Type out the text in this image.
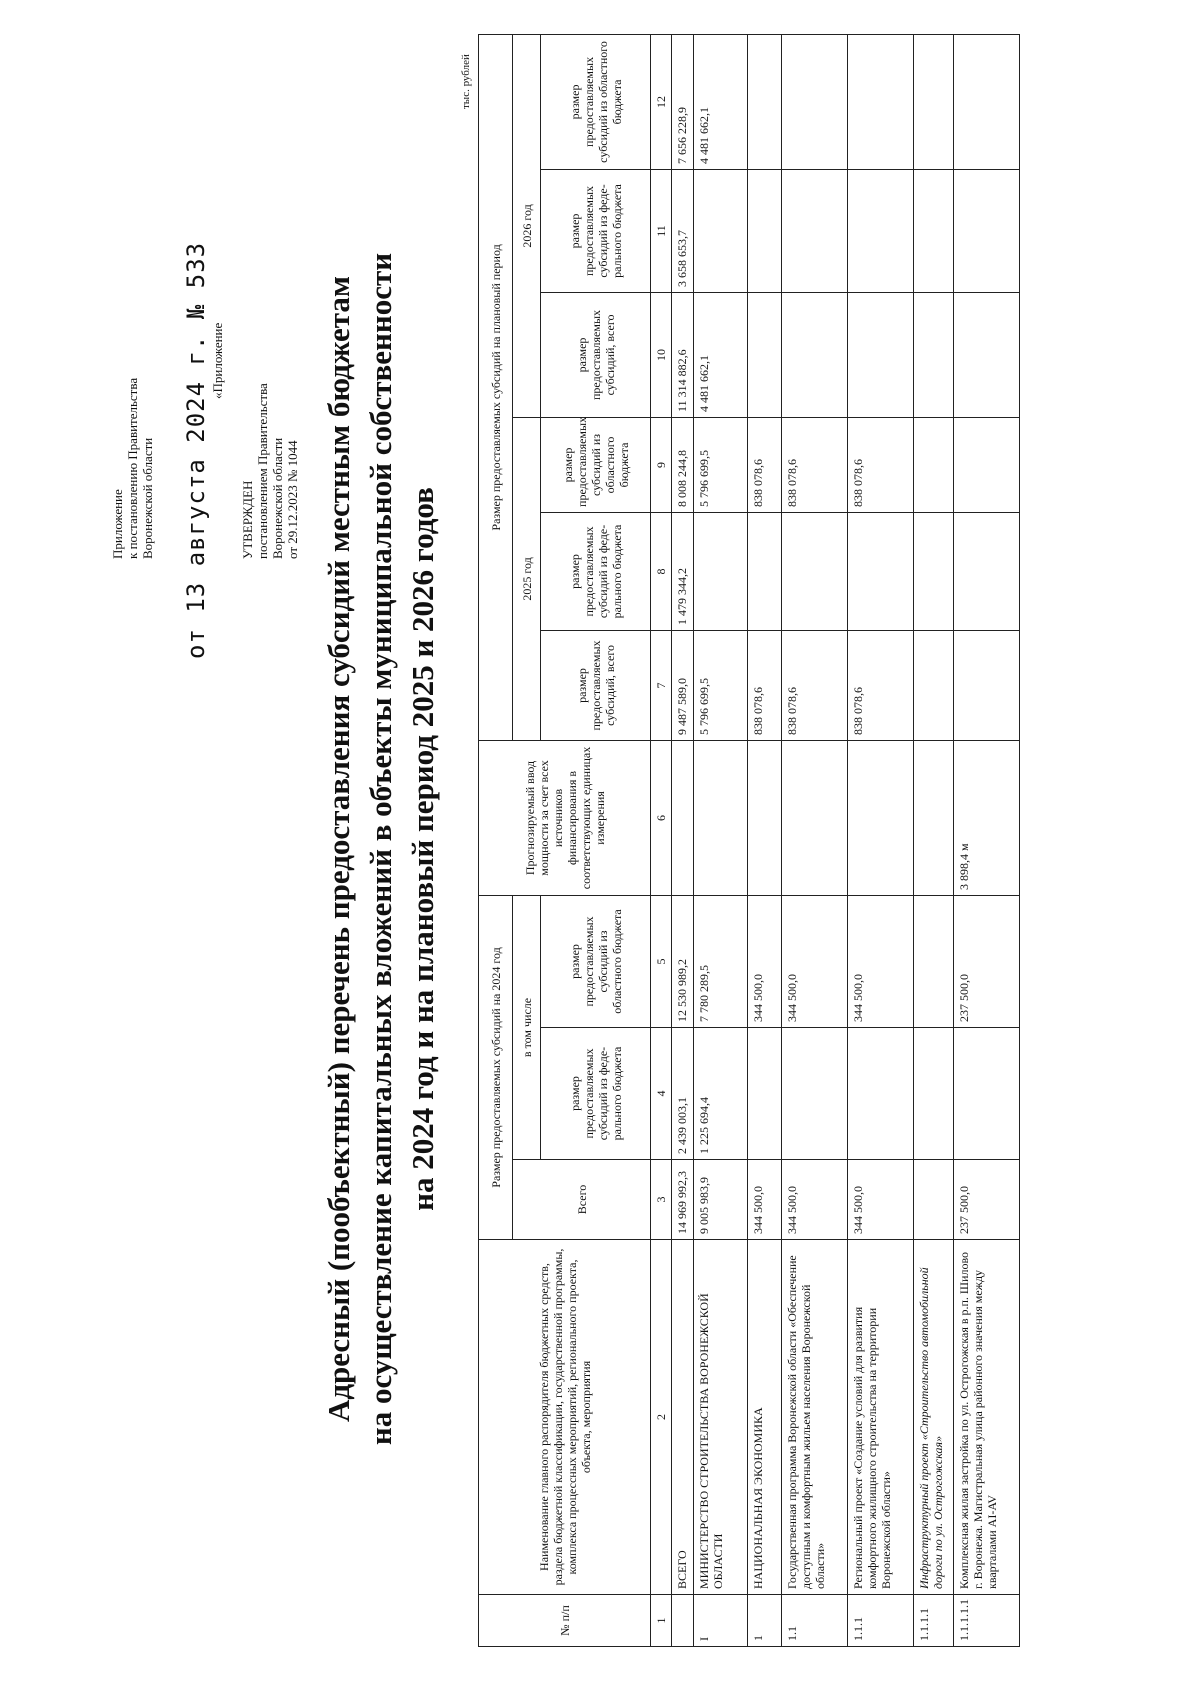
Приложение к постановлению Правительства Воронежской области от 13 августа 2024 г. № 533 «Приложение
УТВЕРЖДЕН постановлением Правительства Воронежской области от 29.12.2023 № 1044 Адресный (пообъектный) перечень предоставления субсидий местным бюджетам на осуществление капитальных вложений в объекты муниципальной собственности на 2024 год и на плановый период 2025 и 2026 годов
тыс. рублей
№ п/п	Наименование главного распорядителя бюджетных средств, раздела бюджетной классификации, государственной программы, комплекса процессных мероприятий, регионального проекта, объекта, мероприятия	Размер предоставляемых субсидий на 2024 год			Прогнозируемый ввод мощности за счет всех источников финансирования в соответствующих единицах измерения	Размер предоставляемых субсидий на плановый период					
		Всего	в том числе			2025 год			2026 год		
			размер предоставляемых субсидий из феде-рального бюджета	размер предоставляемых субсидий из областного бюджета		размер предоставляемых субсидий, всего	размер предоставляемых субсидий из феде-рального бюджета	размер предоставляемых субсидий из областного бюджета	размер предоставляемых субсидий, всего	размер предоставляемых субсидий из феде-рального бюджета	размер предоставляемых субсидий из областного бюджета
1	2	3	4	5	6	7	8	9	10	11	12
	ВСЕГО	14 969 992,3	2 439 003,1	12 530 989,2		9 487 589,0	1 479 344,2	8 008 244,8	11 314 882,6	3 658 653,7	7 656 228,9
I	МИНИСТЕРСТВО СТРОИТЕЛЬСТВА ВОРОНЕЖСКОЙ ОБЛАСТИ	9 005 983,9	1 225 694,4	7 780 289,5		5 796 699,5		5 796 699,5	4 481 662,1		4 481 662,1
1	НАЦИОНАЛЬНАЯ ЭКОНОМИКА	344 500,0		344 500,0		838 078,6		838 078,6			
1.1	Государственная программа Воронежской области «Обеспечение доступным и комфортным жильем населения Воронежской области»	344 500,0		344 500,0		838 078,6		838 078,6			
1.1.1	Региональный проект «Создание условий для развития комфортного жилищного строительства на территории Воронежской области»	344 500,0		344 500,0		838 078,6		838 078,6			
1.1.1.1	Инфраструктурный проект «Строительство автомобильной дороги по ул. Острогожская»										
1.1.1.1.1	Комплексная жилая застройка по ул. Острогожская в р.п. Шилово г. Воронежа. Магистральная улица районного значения между кварталами AI-AV	237 500,0		237 500,0	3 898,4 м						
